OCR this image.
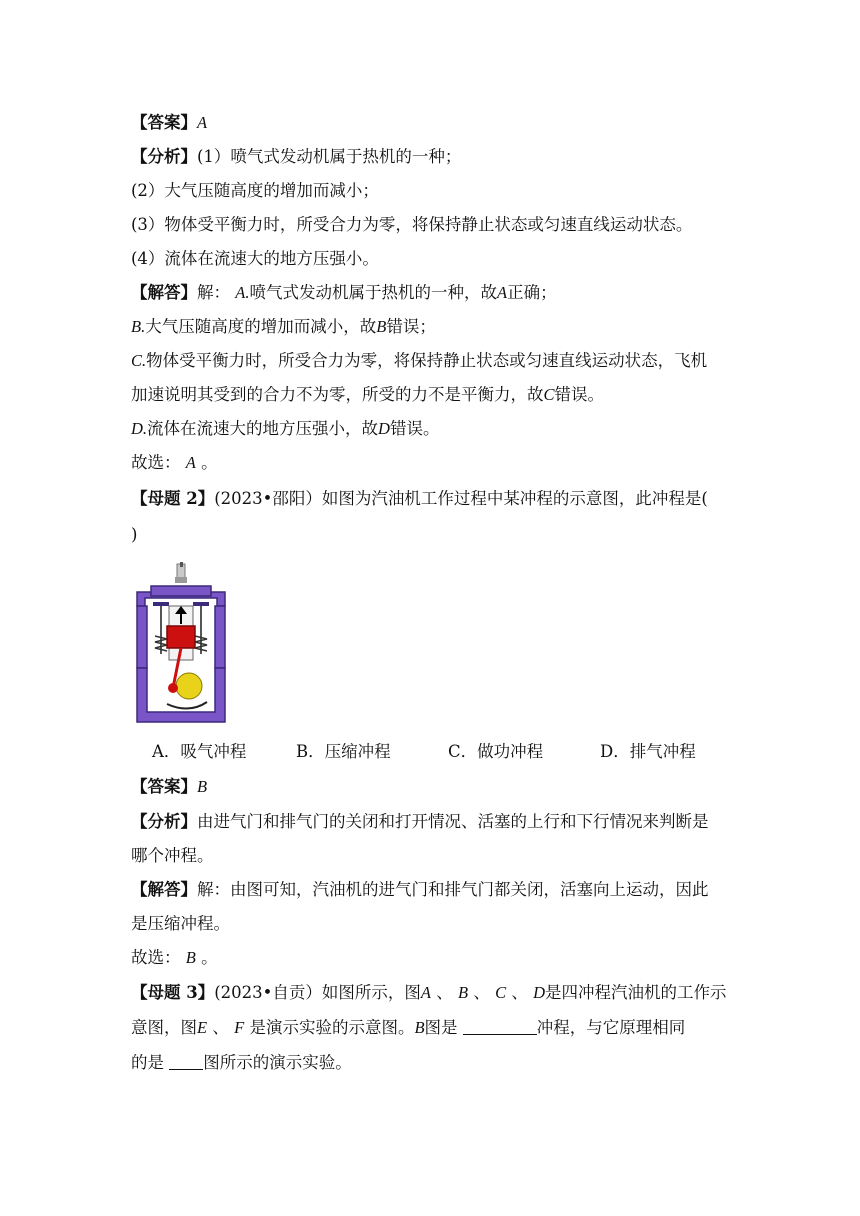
【答案】A
【分析】(1）喷气式发动机属于热机的一种；
(2）大气压随高度的增加而减小；
(3）物体受平衡力时，所受合力为零，将保持静止状态或匀速直线运动状态。
(4）流体在流速大的地方压强小。
【解答】解： A.喷气式发动机属于热机的一种，故A正确；
B.大气压随高度的增加而减小，故B错误；
C.物体受平衡力时，所受合力为零，将保持静止状态或匀速直线运动状态，飞机
加速说明其受到的合力不为零，所受的力不是平衡力，故C错误。
D.流体在流速大的地方压强小，故D错误。
故选： A 。
【母题 2】(2023•邵阳）如图为汽油机工作过程中某冲程的示意图，此冲程是(
)
A．吸气冲程	B．压缩冲程	C．做功冲程	D．排气冲程
【答案】B
【分析】由进气门和排气门的关闭和打开情况、活塞的上行和下行情况来判断是
哪个冲程。
【解答】解：由图可知，汽油机的进气门和排气门都关闭，活塞向上运动，因此
是压缩冲程。
故选： B 。
【母题 3】(2023•自贡）如图所示，图A 、 B 、 C 、 D是四冲程汽油机的工作示
意图，图E 、 F 是演示实验的示意图。B图是	冲程，与它原理相同
的是 图所示的演示实验。
